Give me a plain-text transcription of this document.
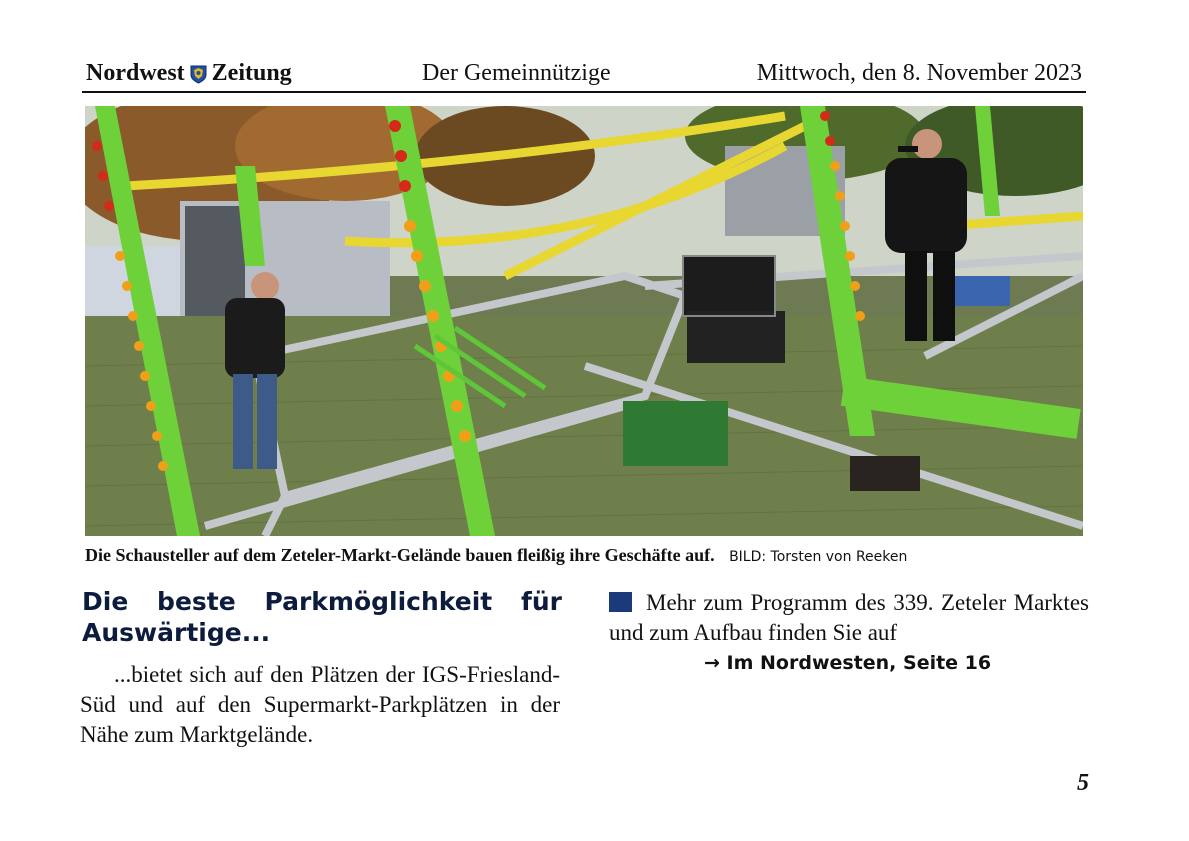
Nordwest Zeitung	Der Gemeinnützige	Mittwoch, den 8. November 2023
Die Schausteller auf dem Zeteler-Markt-Gelände bauen fleißig ihre Geschäfte auf. BILD: Torsten von Reeken
Die beste Parkmöglichkeit für Auswärtige...
...bietet sich auf den Plätzen der IGS-Friesland-Süd und auf den Supermarkt-Parkplätzen in der Nähe zum Marktgelände.
Mehr zum Programm des 339. Zeteler Marktes und zum Aufbau finden Sie auf
→ Im Nordwesten, Seite 16
5
